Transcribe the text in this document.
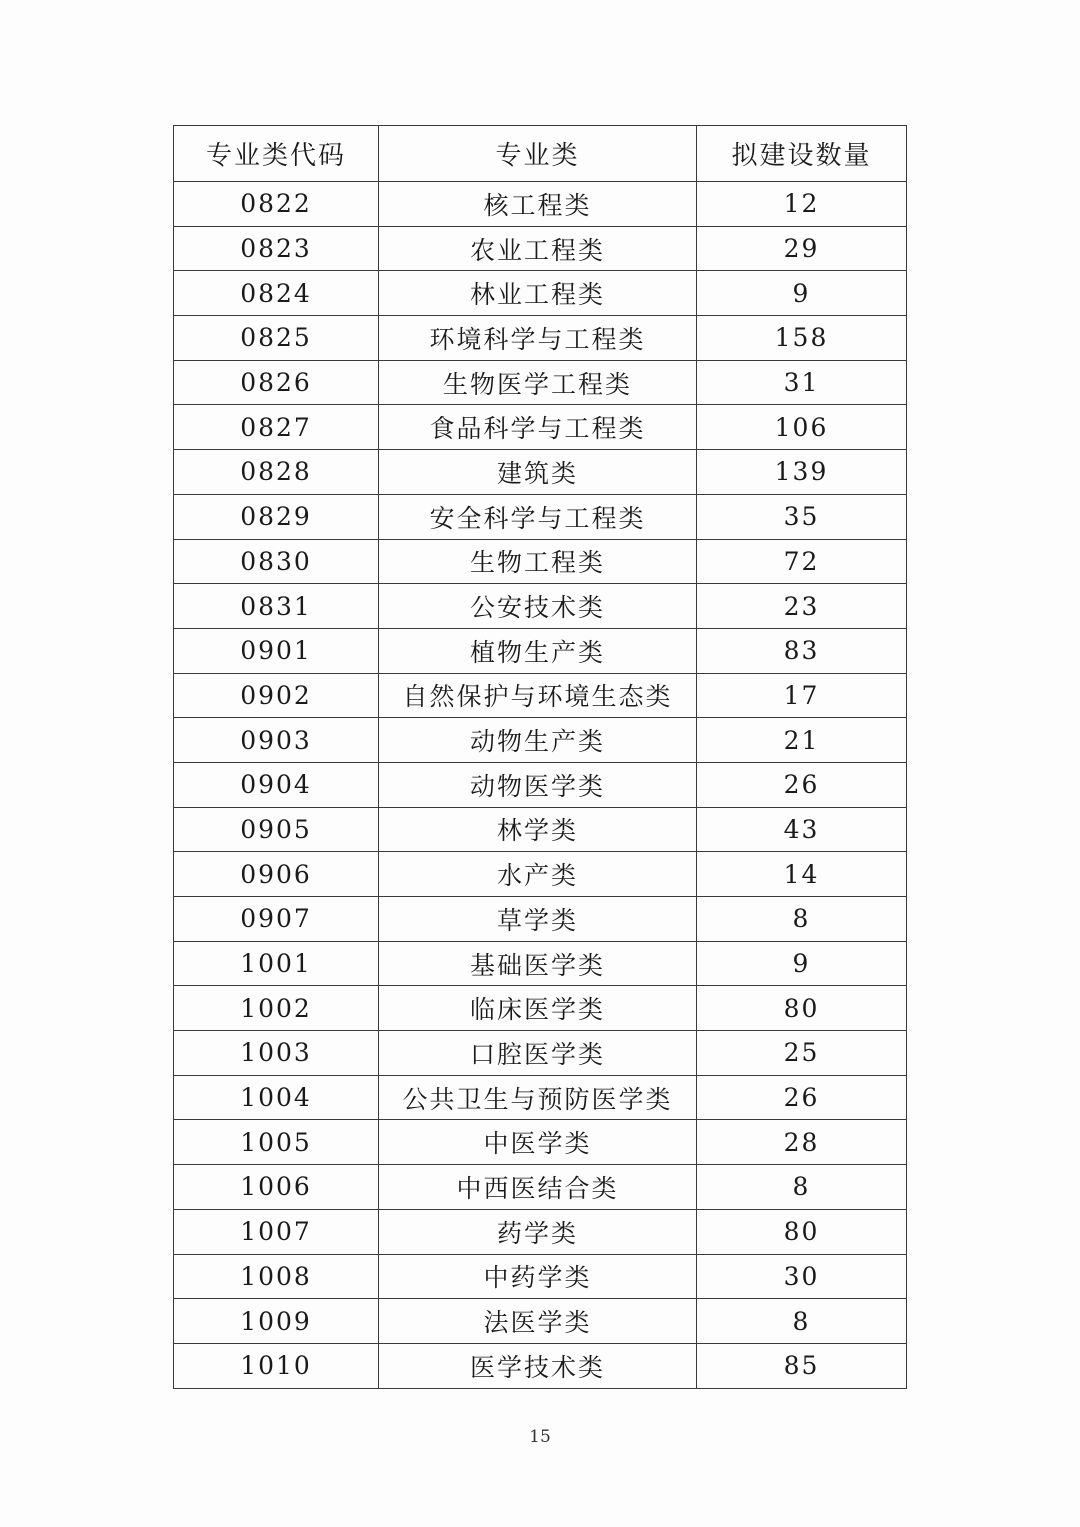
专业类代码	专业类	拟建设数量
0822	核工程类	12
0823	农业工程类	29
0824	林业工程类	9
0825	环境科学与工程类	158
0826	生物医学工程类	31
0827	食品科学与工程类	106
0828	建筑类	139
0829	安全科学与工程类	35
0830	生物工程类	72
0831	公安技术类	23
0901	植物生产类	83
0902	自然保护与环境生态类	17
0903	动物生产类	21
0904	动物医学类	26
0905	林学类	43
0906	水产类	14
0907	草学类	8
1001	基础医学类	9
1002	临床医学类	80
1003	口腔医学类	25
1004	公共卫生与预防医学类	26
1005	中医学类	28
1006	中西医结合类	8
1007	药学类	80
1008	中药学类	30
1009	法医学类	8
1010	医学技术类	85
15
